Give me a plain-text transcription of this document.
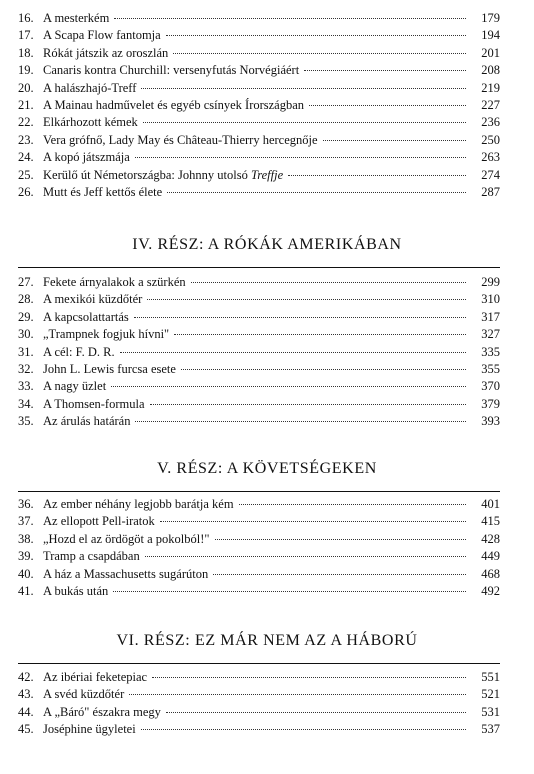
16. A mesterkém	179
17. A Scapa Flow fantomja	194
18. Rókát játszik az oroszlán	201
19. Canaris kontra Churchill: versenyfutás Norvégiáért	208
20. A halászhajó-Treff	219
21. A Mainau hadművelet és egyéb csínyek Írországban	227
22. Elkárhozott kémek	236
23. Vera grófnő, Lady May és Château-Thierry hercegnője	250
24. A kopó játszmája	263
25. Kerülő út Németországba: Johnny utolsó Treffje	274
26. Mutt és Jeff kettős élete	287
IV. RÉSZ: A RÓKÁK AMERIKÁBAN
27. Fekete árnyalakok a szürkén	299
28. A mexikói küzdőtér	310
29. A kapcsolattartás	317
30. „Trampnek fogjuk hívni"	327
31. A cél: F. D. R.	335
32. John L. Lewis furcsa esete	355
33. A nagy üzlet	370
34. A Thomsen-formula	379
35. Az árulás határán	393
V. RÉSZ: A KÖVETSÉGEKEN
36. Az ember néhány legjobb barátja kém	401
37. Az ellopott Pell-iratok	415
38. „Hozd el az ördögöt a pokolból!"	428
39. Tramp a csapdában	449
40. A ház a Massachusetts sugárúton	468
41. A bukás után	492
VI. RÉSZ: EZ MÁR NEM AZ A HÁBORÚ
42. Az ibériai feketepiac	551
43. A svéd küzdőtér	521
44. A „Báró" északra megy	531
45. Joséphine ügyletei	537
